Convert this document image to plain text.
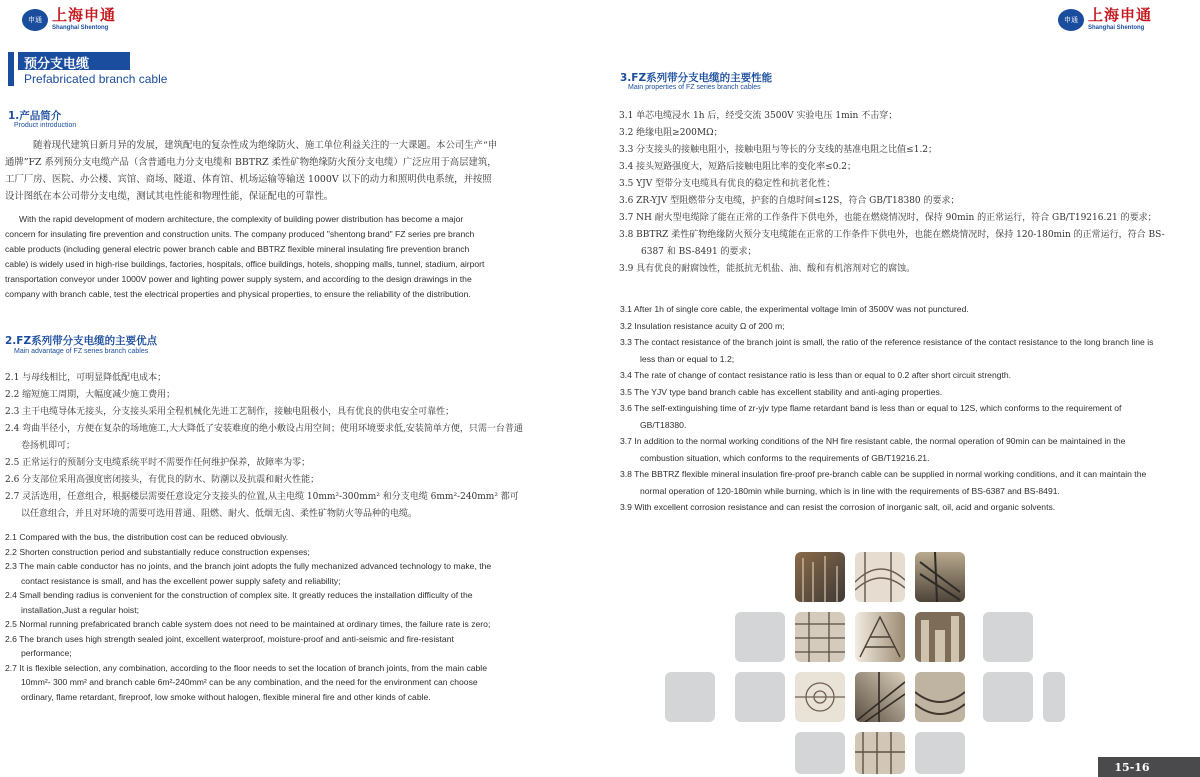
申通 上海申通
Shanghai Shentong
预分支电缆
Prefabricated branch cable
1.产品简介
Product introduction

随着现代建筑日新月异的发展，建筑配电的复杂性成为绝缘防火、施工单位利益关注的一大课题。本公司生产“申

通牌”FZ 系列预分支电缆产品（含普通电力分支电缆和 BBTRZ 柔性矿物绝缘防火预分支电缆）广泛应用于高层建筑，

工厂厂房、医院、办公楼、宾馆、商场、隧道、体育馆、机场运输等输送 1000V 以下的动力和照明供电系统，并按照

设计图纸在本公司带分支电缆，测试其电性能和物理性能，保证配电的可靠性。

With the rapid development of modern architecture, the complexity of building power distribution has become a major

concern for insulating fire prevention and construction units. The company produced "shentong brand" FZ series pre branch

cable products (including general electric power branch cable and BBTRZ flexible mineral insulating fire prevention branch

cable) is widely used in high-rise buildings, factories, hospitals, office buildings, hotels, shopping malls, tunnel, stadium, airport

transportation conveyor under 1000V power and lighting power supply system, and according to the design drawings in the

company with branch cable, test the electrical properties and physical properties, to ensure the reliability of the distribution.

2.FZ系列带分支电缆的主要优点
Main advantage of FZ series branch cables
2.1 与母线相比，可明显降低配电成本；
2.2 缩短施工周期，大幅度减少施工费用；
2.3 主干电缆导体无接头，分支接头采用全程机械化先进工艺制作，接触电阻极小，具有优良的供电安全可靠性；
2.4 弯曲半径小，方便在复杂的场地施工,大大降低了安装难度的绝小敷设占用空间；使用环境要求低,安装简单方便，只需一台普通卷扬机即可；
2.5 正常运行的预制分支电缆系统平时不需要作任何维护保养，故障率为零；
2.6 分支部位采用高强度密闭接头，有优良的防水、防潮以及抗震和耐火性能；
2.7 灵活选用，任意组合，根据楼层需要任意设定分支接头的位置,从主电缆 10mm²-300mm² 和分支电缆 6mm²-240mm² 都可以任意组合，并且对环境的需要可选用普通、阻燃、耐火、低烟无卤、柔性矿物防火等品种的电缆。
2.1 Compared with the bus, the distribution cost can be reduced obviously.
2.2 Shorten construction period and substantially reduce construction expenses;
2.3 The main cable conductor has no joints, and the branch joint adopts the fully mechanized advanced technology to make, the contact resistance is small, and has the excellent power supply safety and reliability;
2.4 Small bending radius is convenient for the construction of complex site. It greatly reduces the installation difficulty of the installation,Just a regular hoist;
2.5 Normal running prefabricated branch cable system does not need to be maintained at ordinary times, the failure rate is zero;
2.6 The branch uses high strength sealed joint, excellent waterproof, moisture-proof and anti-seismic and fire-resistant performance;
2.7 It is flexible selection, any combination, according to the floor needs to set the location of branch joints, from the main cable 10mm²- 300 mm² and branch cable 6m²-240mm² can be any combination, and the need for the environment can choose ordinary, flame retardant, fireproof, low smoke without halogen, flexible mineral fire and other kinds of cable.
申通 上海申通
Shanghai Shentong
3.FZ系列带分支电缆的主要性能
Main properties of FZ series branch cables
3.1 单芯电缆浸水 1h 后，经受交流 3500V 实验电压 1min 不击穿；
3.2 绝缘电阻≥200MΩ；
3.3 分支接头的接触电阻小，接触电阻与等长的分支线的基准电阻之比值≤1.2；
3.4 接头短路强度大，短路后接触电阻比率的变化率≤0.2；
3.5 YJV 型带分支电缆具有优良的稳定性和抗老化性；
3.6 ZR-YJV 型阻燃带分支电缆，护套的自熄时间≤12S，符合 GB/T18380 的要求；
3.7 NH 耐火型电缆除了能在正常的工作条件下供电外，也能在燃烧情况时，保持 90min 的正常运行，符合 GB/T19216.21 的要求；
3.8 BBTRZ 柔性矿物绝缘防火预分支电缆能在正常的工作条件下供电外，也能在燃烧情况时，保持 120-180min 的正常运行，符合 BS-6387 和 BS-8491 的要求；
3.9 具有优良的耐腐蚀性，能抵抗无机盐、油、酸和有机溶剂对它的腐蚀。
3.1 After 1h of single core cable, the experimental voltage lmin of 3500V was not punctured.
3.2 Insulation resistance acuity Ω of 200 m;
3.3 The contact resistance of the branch joint is small, the ratio of the reference resistance of the contact resistance to the long branch line is less than or equal to 1.2;
3.4 The rate of change of contact resistance ratio is less than or equal to 0.2 after short circuit strength.
3.5 The YJV type band branch cable has excellent stability and anti-aging properties.
3.6 The self-extinguishing time of zr-yjv type flame retardant band is less than or equal to 12S, which conforms to the requirement of GB/T18380.
3.7 In addition to the normal working conditions of the NH fire resistant cable, the normal operation of 90min can be maintained in the combustion situation, which conforms to the requirements of GB/T19216.21.
3.8 The BBTRZ flexible mineral insulation fire-proof pre-branch cable can be supplied in normal working conditions, and it can maintain the normal operation of 120-180min while burning, which is in line with the requirements of BS-6387 and BS-8491.
3.9 With excellent corrosion resistance and can resist the corrosion of inorganic salt, oil, acid and organic solvents.
15-16
